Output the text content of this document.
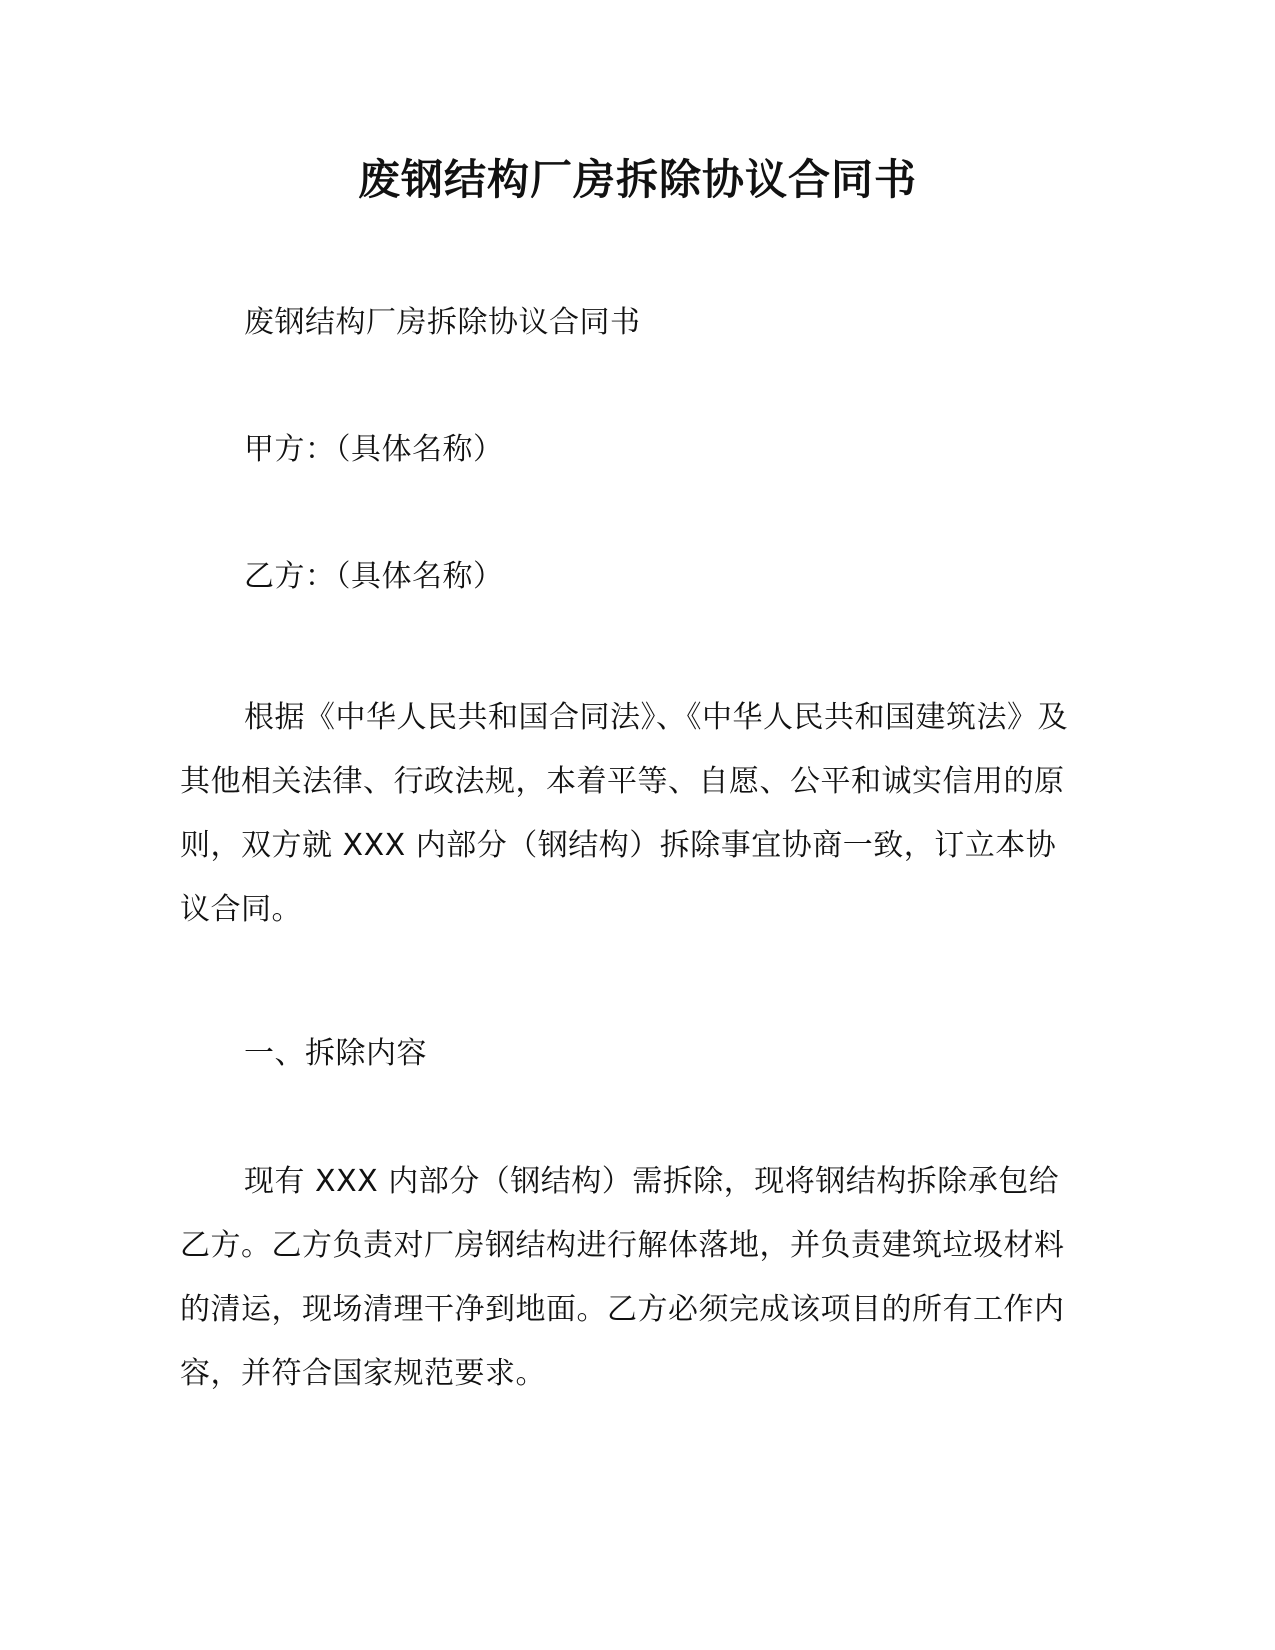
废钢结构厂房拆除协议合同书

废钢结构厂房拆除协议合同书

甲方：（具体名称）

乙方：（具体名称）

根据《中华人民共和国合同法》、《中华人民共和国建筑法》及其他相关法律、行政法规，本着平等、自愿、公平和诚实信用的原则，双方就 XXX 内部分（钢结构）拆除事宜协商一致，订立本协议合同。

一、拆除内容

现有 XXX 内部分（钢结构）需拆除，现将钢结构拆除承包给乙方。乙方负责对厂房钢结构进行解体落地，并负责建筑垃圾材料的清运，现场清理干净到地面。乙方必须完成该项目的所有工作内容，并符合国家规范要求。
